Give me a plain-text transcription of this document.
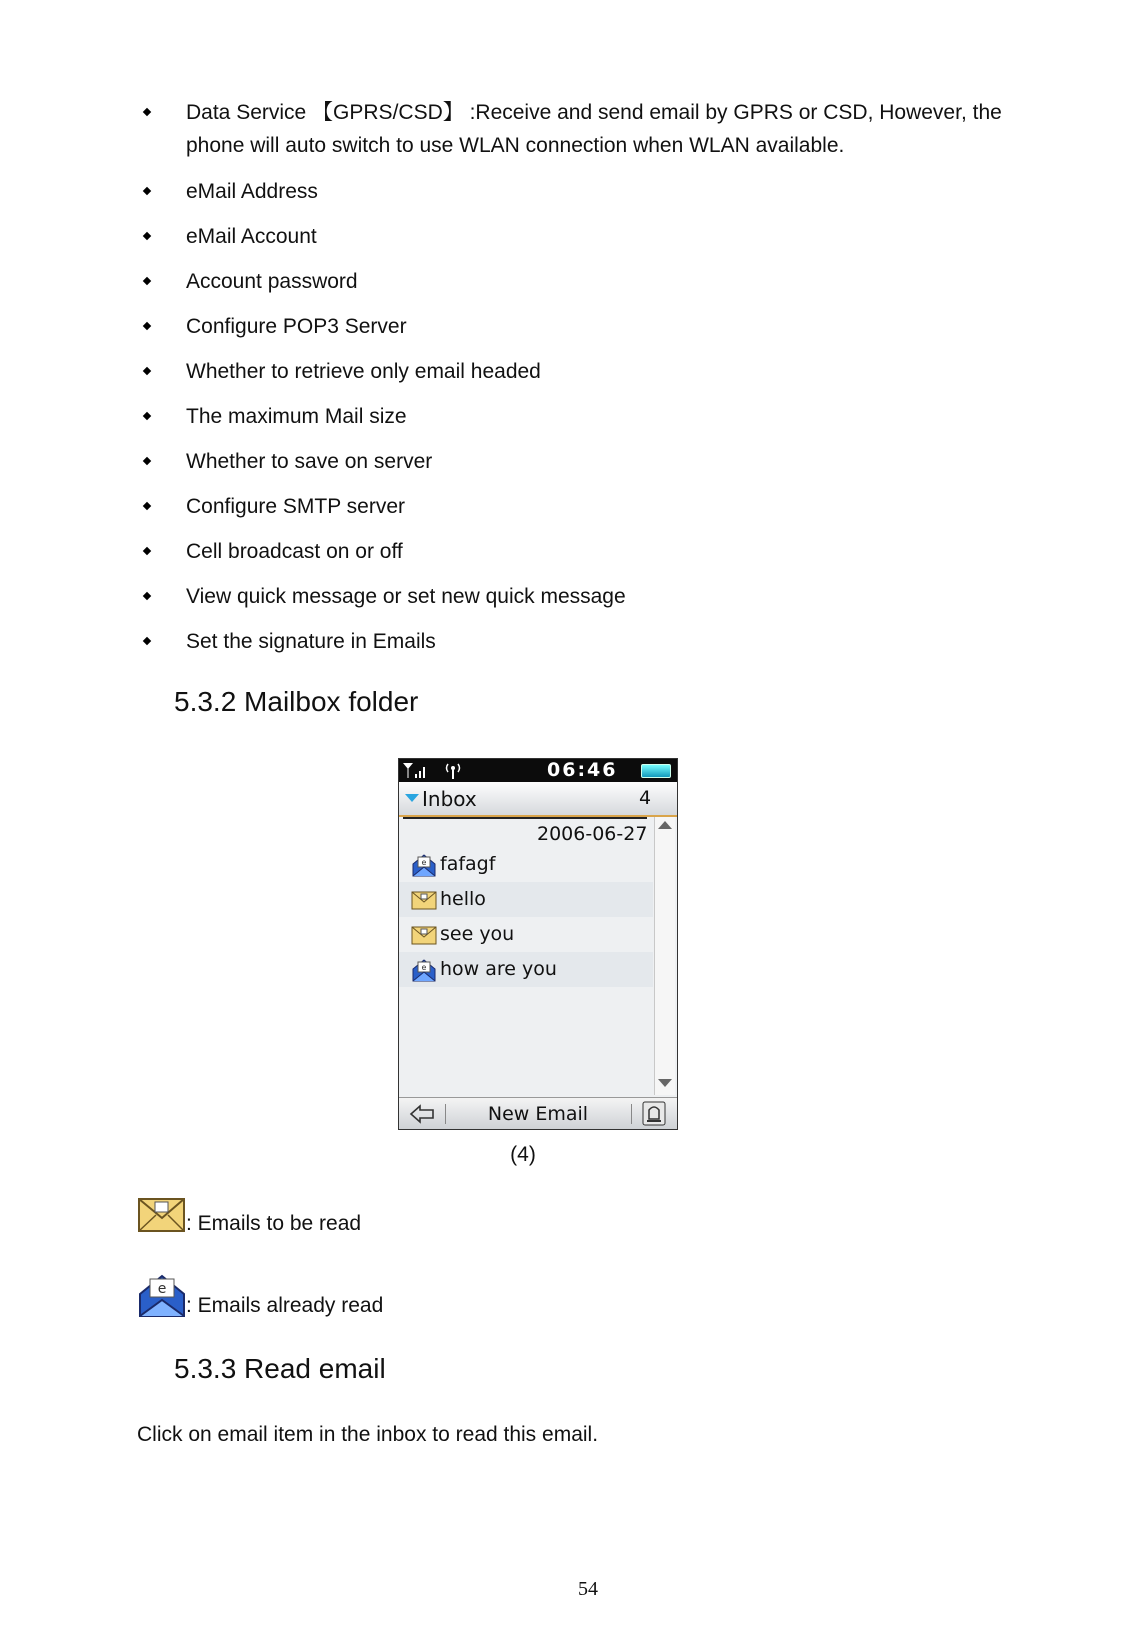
Data Service 【GPRS/CSD】 :Receive and send email by GPRS or CSD, However, the phone will auto switch to use WLAN connection when WLAN available.
eMail Address
eMail Account
Account password
Configure POP3 Server
Whether to retrieve only email headed
The maximum Mail size
Whether to save on server
Configure SMTP server
Cell broadcast on or off
View quick message or set new quick message
Set the signature in Emails
5.3.2 Mailbox folder
06:46
Inbox	4
2006-06-27
e fafagf
hello
see you
e how are you
New Email
(4)
: Emails to be read
e
: Emails already read
5.3.3 Read email
Click on email item in the inbox to read this email.
54
